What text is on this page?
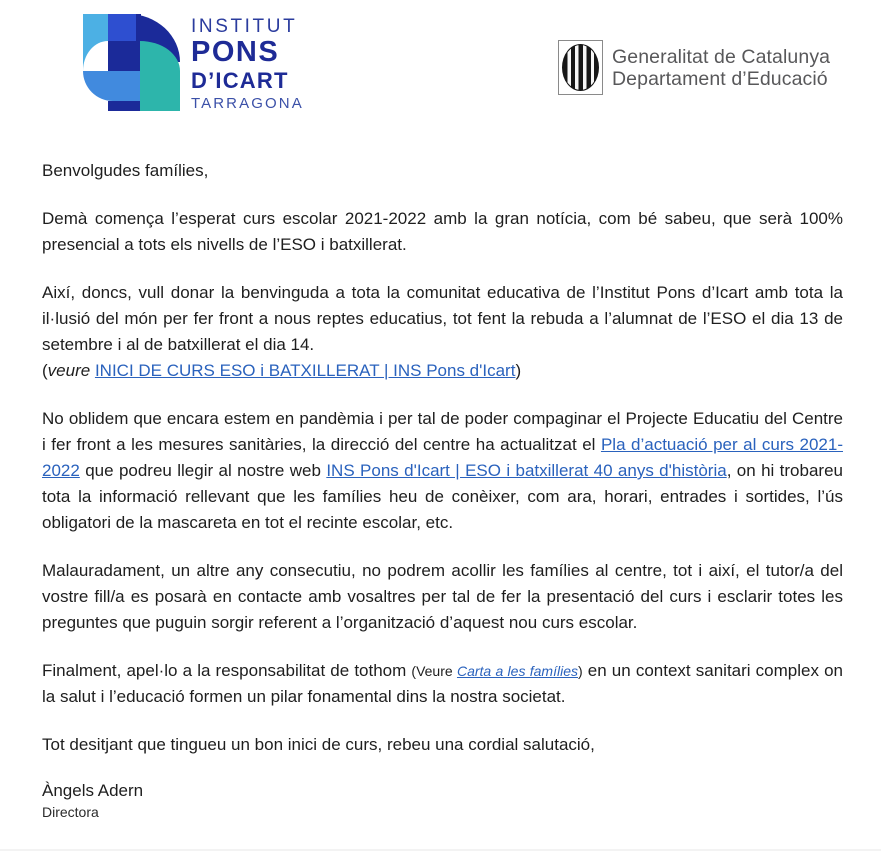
INSTITUT
PONS
D’ICART
TARRAGONA
Generalitat de Catalunya
Departament d’Educació

Benvolgudes famílies,

Demà comença l’esperat curs escolar 2021-2022 amb la gran notícia, com bé sabeu, que serà 100% presencial a tots els nivells de l’ESO i batxillerat.

Així, doncs, vull donar la benvinguda a tota la comunitat educativa de l’Institut Pons d’Icart amb tota la il·lusió del món per fer front a nous reptes educatius, tot fent la rebuda a l’alumnat de l’ESO el dia 13 de setembre i al de batxillerat el dia 14.
(veure INICI DE CURS ESO i BATXILLERAT | INS Pons d'Icart)

No oblidem que encara estem en pandèmia i per tal de poder compaginar el Projecte Educatiu del Centre i fer front a les mesures sanitàries, la direcció del centre ha actualitzat el Pla d’actuació per al curs 2021-2022 que podreu llegir al nostre web INS Pons d'Icart | ESO i batxillerat 40 anys d'història, on hi trobareu tota la informació rellevant que les famílies heu de conèixer, com ara, horari, entrades i sortides, l’ús obligatori de la mascareta en tot el recinte escolar, etc.

Malauradament, un altre any consecutiu, no podrem acollir les famílies al centre, tot i així, el tutor/a del vostre fill/a es posarà en contacte amb vosaltres per tal de fer la presentació del curs i esclarir totes les preguntes que puguin sorgir referent a l’organització d’aquest nou curs escolar.

Finalment, apel·lo a la responsabilitat de tothom (Veure Carta a les famílies) en un context sanitari complex on la salut i l’educació formen un pilar fonamental dins la nostra societat.

Tot desitjant que tingueu un bon inici de curs, rebeu una cordial salutació,

Àngels Adern
Directora
